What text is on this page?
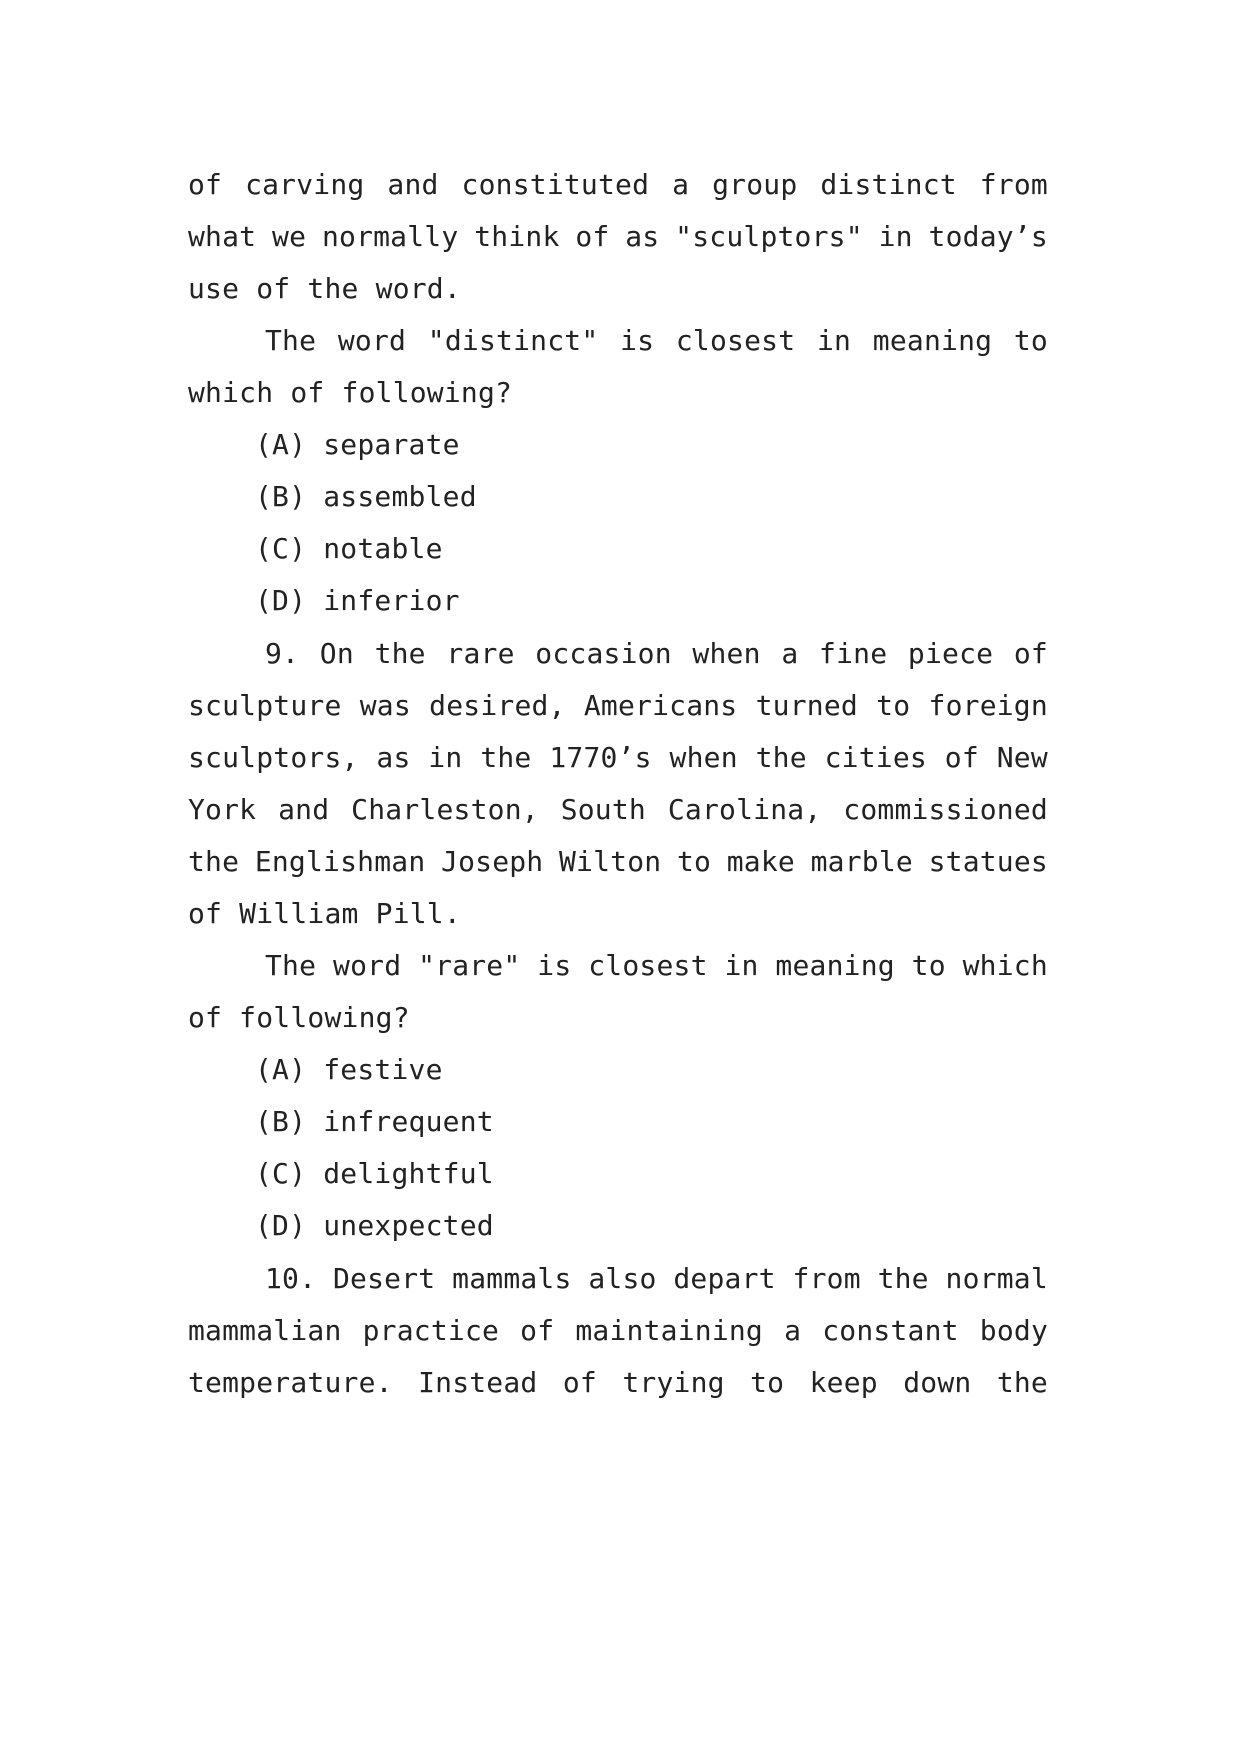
of carving and constituted a group distinct from
what we normally think of as "sculptors" in today’s
use of the word.
The word "distinct" is closest in meaning to
which of following?
(A) separate
(B) assembled
(C) notable
(D) inferior
9. On the rare occasion when a fine piece of
sculpture was desired, Americans turned to foreign
sculptors, as in the 1770’s when the cities of New
York and Charleston, South Carolina, commissioned
the Englishman Joseph Wilton to make marble statues
of William Pill.
The word "rare" is closest in meaning to which
of following?
(A) festive
(B) infrequent
(C) delightful
(D) unexpected
10. Desert mammals also depart from the normal
mammalian practice of maintaining a constant body
temperature. Instead of trying to keep down the
